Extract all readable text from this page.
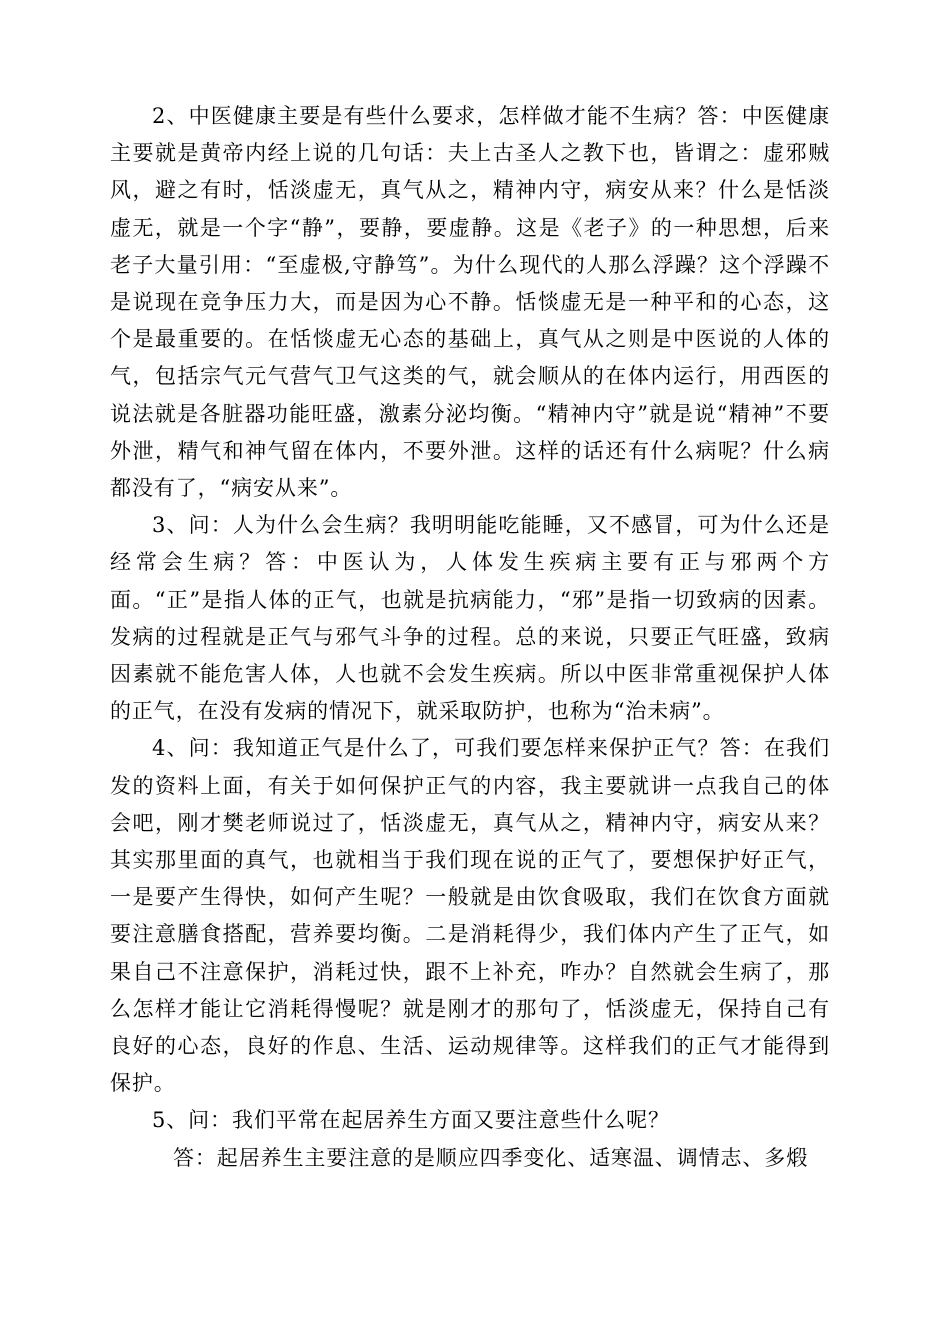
2、中医健康主要是有些什么要求，怎样做才能不生病？答：中医健康主要就是黄帝内经上说的几句话：夫上古圣人之教下也，皆谓之：虚邪贼风，避之有时，恬淡虚无，真气从之，精神内守，病安从来？什么是恬淡虚无，就是一个字“静”，要静，要虚静。这是《老子》的一种思想，后来老子大量引用：“至虚极,守静笃”。为什么现代的人那么浮躁？这个浮躁不是说现在竞争压力大，而是因为心不静。恬惔虚无是一种平和的心态，这个是最重要的。在恬惔虚无心态的基础上，真气从之则是中医说的人体的气，包括宗气元气营气卫气这类的气，就会顺从的在体内运行，用西医的说法就是各脏器功能旺盛，激素分泌均衡。“精神内守”就是说“精神”不要外泄，精气和神气留在体内，不要外泄。这样的话还有什么病呢？什么病都没有了，“病安从来”。

3、问：人为什么会生病？我明明能吃能睡，又不感冒，可为什么还是经常会生病？答：中医认为，人体发生疾病主要有正与邪两个方面。“正”是指人体的正气，也就是抗病能力，“邪”是指一切致病的因素。发病的过程就是正气与邪气斗争的过程。总的来说，只要正气旺盛，致病因素就不能危害人体，人也就不会发生疾病。所以中医非常重视保护人体的正气，在没有发病的情况下，就采取防护，也称为“治未病”。

4、问：我知道正气是什么了，可我们要怎样来保护正气？答：在我们发的资料上面，有关于如何保护正气的内容，我主要就讲一点我自己的体会吧，刚才樊老师说过了，恬淡虚无，真气从之，精神内守，病安从来？其实那里面的真气，也就相当于我们现在说的正气了，要想保护好正气，一是要产生得快，如何产生呢？一般就是由饮食吸取，我们在饮食方面就要注意膳食搭配，营养要均衡。二是消耗得少，我们体内产生了正气，如果自己不注意保护，消耗过快，跟不上补充，咋办？自然就会生病了，那么怎样才能让它消耗得慢呢？就是刚才的那句了，恬淡虚无，保持自己有良好的心态，良好的作息、生活、运动规律等。这样我们的正气才能得到保护。

5、问：我们平常在起居养生方面又要注意些什么呢？

答：起居养生主要注意的是顺应四季变化、适寒温、调情志、多煅
